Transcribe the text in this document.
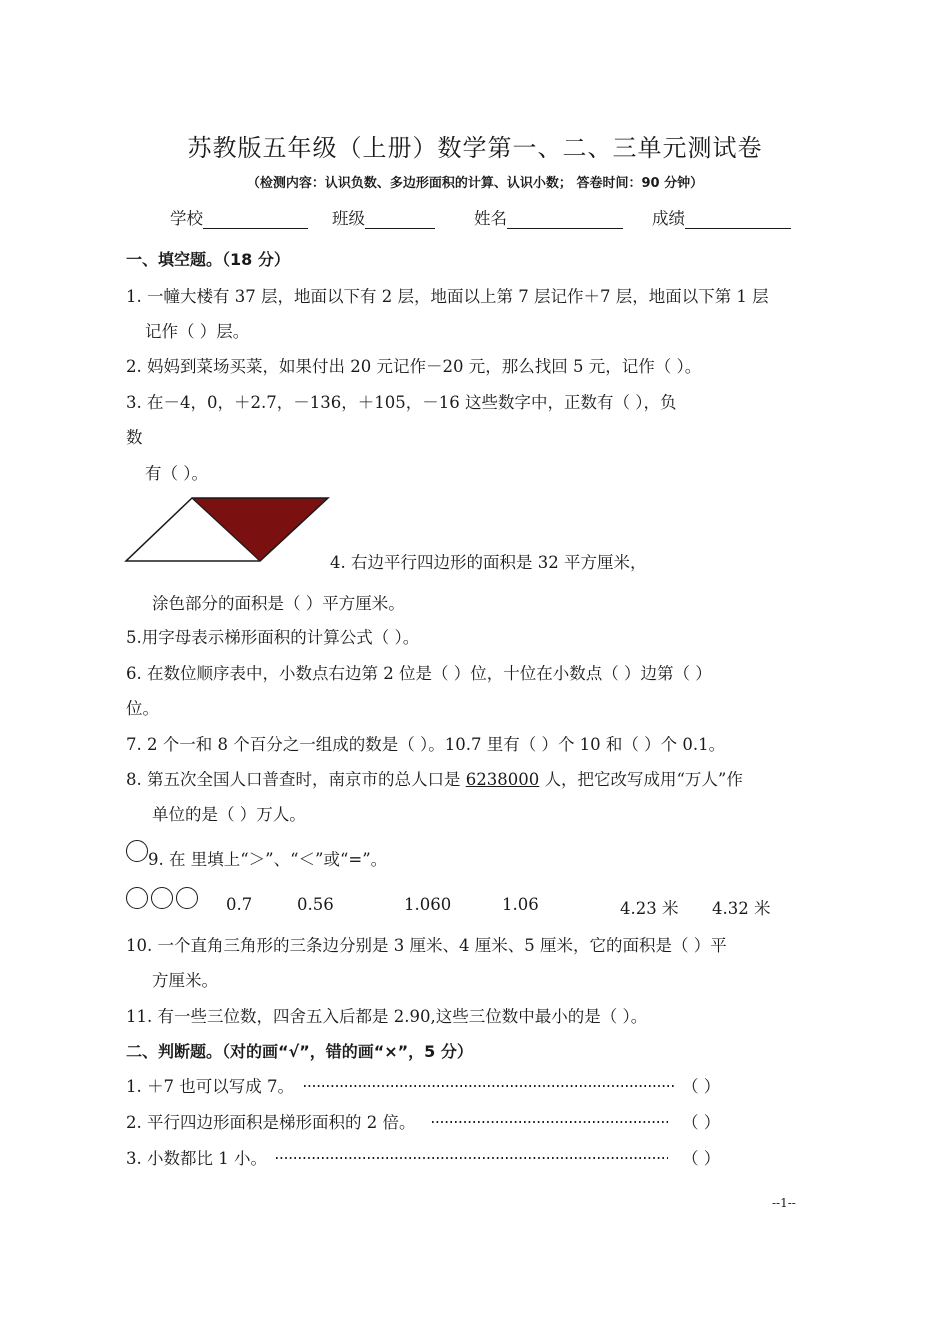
苏教版五年级（上册）数学第一、二、三单元测试卷
（检测内容：认识负数、多边形面积的计算、认识小数； 答卷时间：90 分钟）
学校	班级	姓名	成绩
一、填空题。（18 分）
1. 一幢大楼有 37 层，地面以下有 2 层，地面以上第 7 层记作＋7 层，地面以下第 1 层
记作（ ）层。
2. 妈妈到菜场买菜，如果付出 20 元记作－20 元，那么找回 5 元，记作（ ）。
3. 在－4，0，＋2.7，－136，＋105，－16 这些数字中，正数有（ ），负
数
有（ ）。
4. 右边平行四边形的面积是 32 平方厘米，
涂色部分的面积是（ ）平方厘米。
5.用字母表示梯形面积的计算公式（ ）。
6. 在数位顺序表中，小数点右边第 2 位是（ ）位，十位在小数点（ ）边第（ ）
位。
7. 2 个一和 8 个百分之一组成的数是（ ）。10.7 里有（ ）个 10 和（ ）个 0.1。
8. 第五次全国人口普查时，南京市的总人口是 6238000 人，把它改写成用“万人”作
单位的是（ ）万人。
9. 在 里填上“＞”、“＜”或“=”。
0.7	0.56	1.060	1.06	4.23 米 4.32 米
10. 一个直角三角形的三条边分别是 3 厘米、4 厘米、5 厘米，它的面积是（ ）平
方厘米。
11. 有一些三位数，四舍五入后都是 2.90,这些三位数中最小的是（ ）。
二、判断题。（对的画“√”，错的画“×”，5 分）
1. ＋7 也可以写成 7。	（ ）
2. 平行四边形面积是梯形面积的 2 倍。	（ ）
3. 小数都比 1 小。	（ ）
--1--
